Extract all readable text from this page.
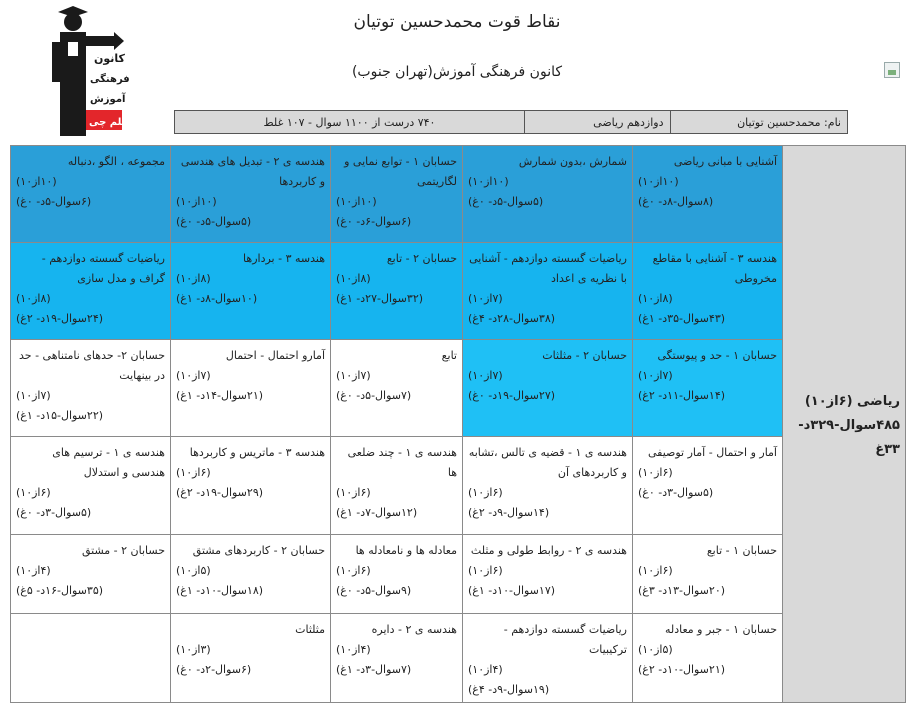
نقاط قوت محمدحسین توتیان
کانون فرهنگی آموزش(تهران جنوب)
کانون
فرهنگی
آموزش
قلم چی	نام: محمدحسین توتیان
دوازدهم ریاضی
۷۴۰ درست از ۱۱۰۰ سوال - ۱۰۷ غلط
ریاضی (۶از۱۰) ۴۸۵سوال-۳۲۹د- ۳۳غ	آشنایی با مبانی ریاضی
(۱۰از۱۰)
(۸سوال-۸د- ۰غ)	شمارش ،بدون شمارش
(۱۰از۱۰)
(۵سوال-۵د- ۰غ)	حسابان ۱ - توابع نمایی و لگاریتمی
(۱۰از۱۰)
(۶سوال-۶د- ۰غ)	هندسه ی ۲ - تبدیل های هندسی و کاربردها
(۱۰از۱۰)
(۵سوال-۵د- ۰غ)	مجموعه ، الگو ،دنباله
(۱۰از۱۰)
(۶سوال-۵د- ۰غ)

	هندسه ۳ - آشنایی با مقاطع مخروطی
(۸از۱۰)
(۴۳سوال-۳۵د- ۱غ)	ریاضیات گسسته دوازدهم - آشنایی با نظریه ی اعداد
(۷از۱۰)
(۳۸سوال-۲۸د- ۴غ)	حسابان ۲ - تابع
(۸از۱۰)
(۳۲سوال-۲۷د- ۱غ)	هندسه ۳ - بردارها
(۸از۱۰)
(۱۰سوال-۸د- ۱غ)	ریاضیات گسسته دوازدهم - گراف و مدل سازی
(۸از۱۰)
(۲۴سوال-۱۹د- ۲غ)

	حسابان ۱ - حد و پیوستگی
(۷از۱۰)
(۱۴سوال-۱۱د- ۲غ)	حسابان ۲ - مثلثات
(۷از۱۰)
(۲۷سوال-۱۹د- ۰غ)	تابع
(۷از۱۰)
(۷سوال-۵د- ۰غ)	آمارو احتمال - احتمال
(۷از۱۰)
(۲۱سوال-۱۴د- ۱غ)	حسابان ۲- حدهای نامتناهی - حد در بینهایت
(۷از۱۰)
(۲۲سوال-۱۵د- ۱غ)

	آمار و احتمال - آمار توصیفی
(۶از۱۰)
(۵سوال-۳د- ۰غ)	هندسه ی ۱ - قضیه ی تالس ،تشابه و کاربردهای آن
(۶از۱۰)
(۱۴سوال-۹د- ۲غ)	هندسه ی ۱ - چند ضلعی ها
(۶از۱۰)
(۱۲سوال-۷د- ۱غ)	هندسه ۳ - ماتریس و کاربردها
(۶از۱۰)
(۲۹سوال-۱۹د- ۲غ)	هندسه ی ۱ - ترسیم های هندسی و استدلال
(۶از۱۰)
(۵سوال-۳د- ۰غ)

	حسابان ۱ - تابع
(۶از۱۰)
(۲۰سوال-۱۳د- ۳غ)	هندسه ی ۲ - روابط طولی و مثلث
(۶از۱۰)
(۱۷سوال-۱۰د- ۱غ)	معادله ها و نامعادله ها
(۶از۱۰)
(۹سوال-۵د- ۰غ)	حسابان ۲ - کاربردهای مشتق
(۵از۱۰)
(۱۸سوال-۱۰د- ۱غ)	حسابان ۲ - مشتق
(۴از۱۰)
(۳۵سوال-۱۶د- ۵غ)

	حسابان ۱ - جبر و معادله
(۵از۱۰)
(۲۱سوال-۱۰د- ۲غ)	ریاضیات گسسته دوازدهم - ترکیبیات
(۴از۱۰)
(۱۹سوال-۹د- ۴غ)	هندسه ی ۲ - دایره
(۴از۱۰)
(۷سوال-۳د- ۱غ)	مثلثات
(۳از۱۰)
(۶سوال-۲د- ۰غ)	
